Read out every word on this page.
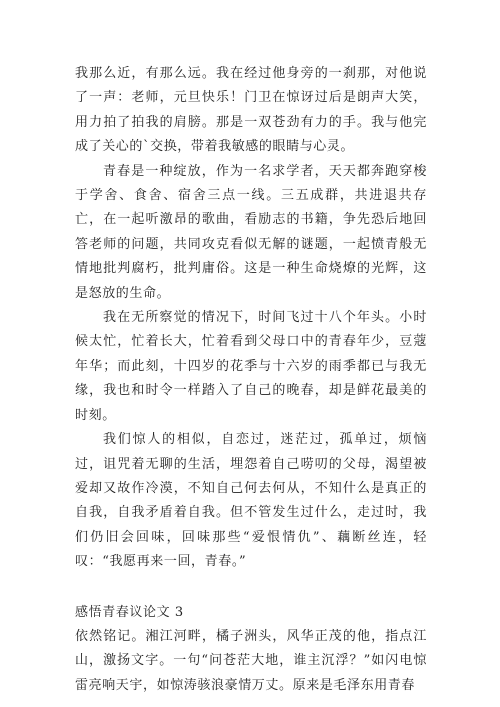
我那么近，有那么远。我在经过他身旁的一刹那，对他说了一声：老师，元旦快乐！门卫在惊讶过后是朗声大笑，用力拍了拍我的肩膀。那是一双苍劲有力的手。我与他完成了关心的`交换，带着我敏感的眼睛与心灵。

青春是一种绽放，作为一名求学者，天天都奔跑穿梭于学舍、食舍、宿舍三点一线。三五成群，共进退共存亡，在一起听激昂的歌曲，看励志的书籍，争先恐后地回答老师的问题，共同攻克看似无解的谜题，一起愤青般无情地批判腐朽，批判庸俗。这是一种生命烧燎的光辉，这是怒放的生命。

我在无所察觉的情况下，时间飞过十八个年头。小时候太忙，忙着长大，忙着看到父母口中的青春年少，豆蔻年华；而此刻，十四岁的花季与十六岁的雨季都已与我无缘，我也和时令一样踏入了自己的晚春，却是鲜花最美的时刻。

我们惊人的相似，自恋过，迷茫过，孤单过，烦恼过，诅咒着无聊的生活，埋怨着自己唠叨的父母，渴望被爱却又故作冷漠，不知自己何去何从，不知什么是真正的自我，自我矛盾着自我。但不管发生过什么，走过时，我们仍旧会回味，回味那些“爱恨情仇”、藕断丝连，轻叹：“我愿再来一回，青春。”

感悟青春议论文 3

依然铭记。湘江河畔，橘子洲头，风华正茂的他，指点江山，激扬文字。一句“问苍茫大地，谁主沉浮？”如闪电惊雷亮响天宇，如惊涛骇浪豪情万丈。原来是毛泽东用青春
